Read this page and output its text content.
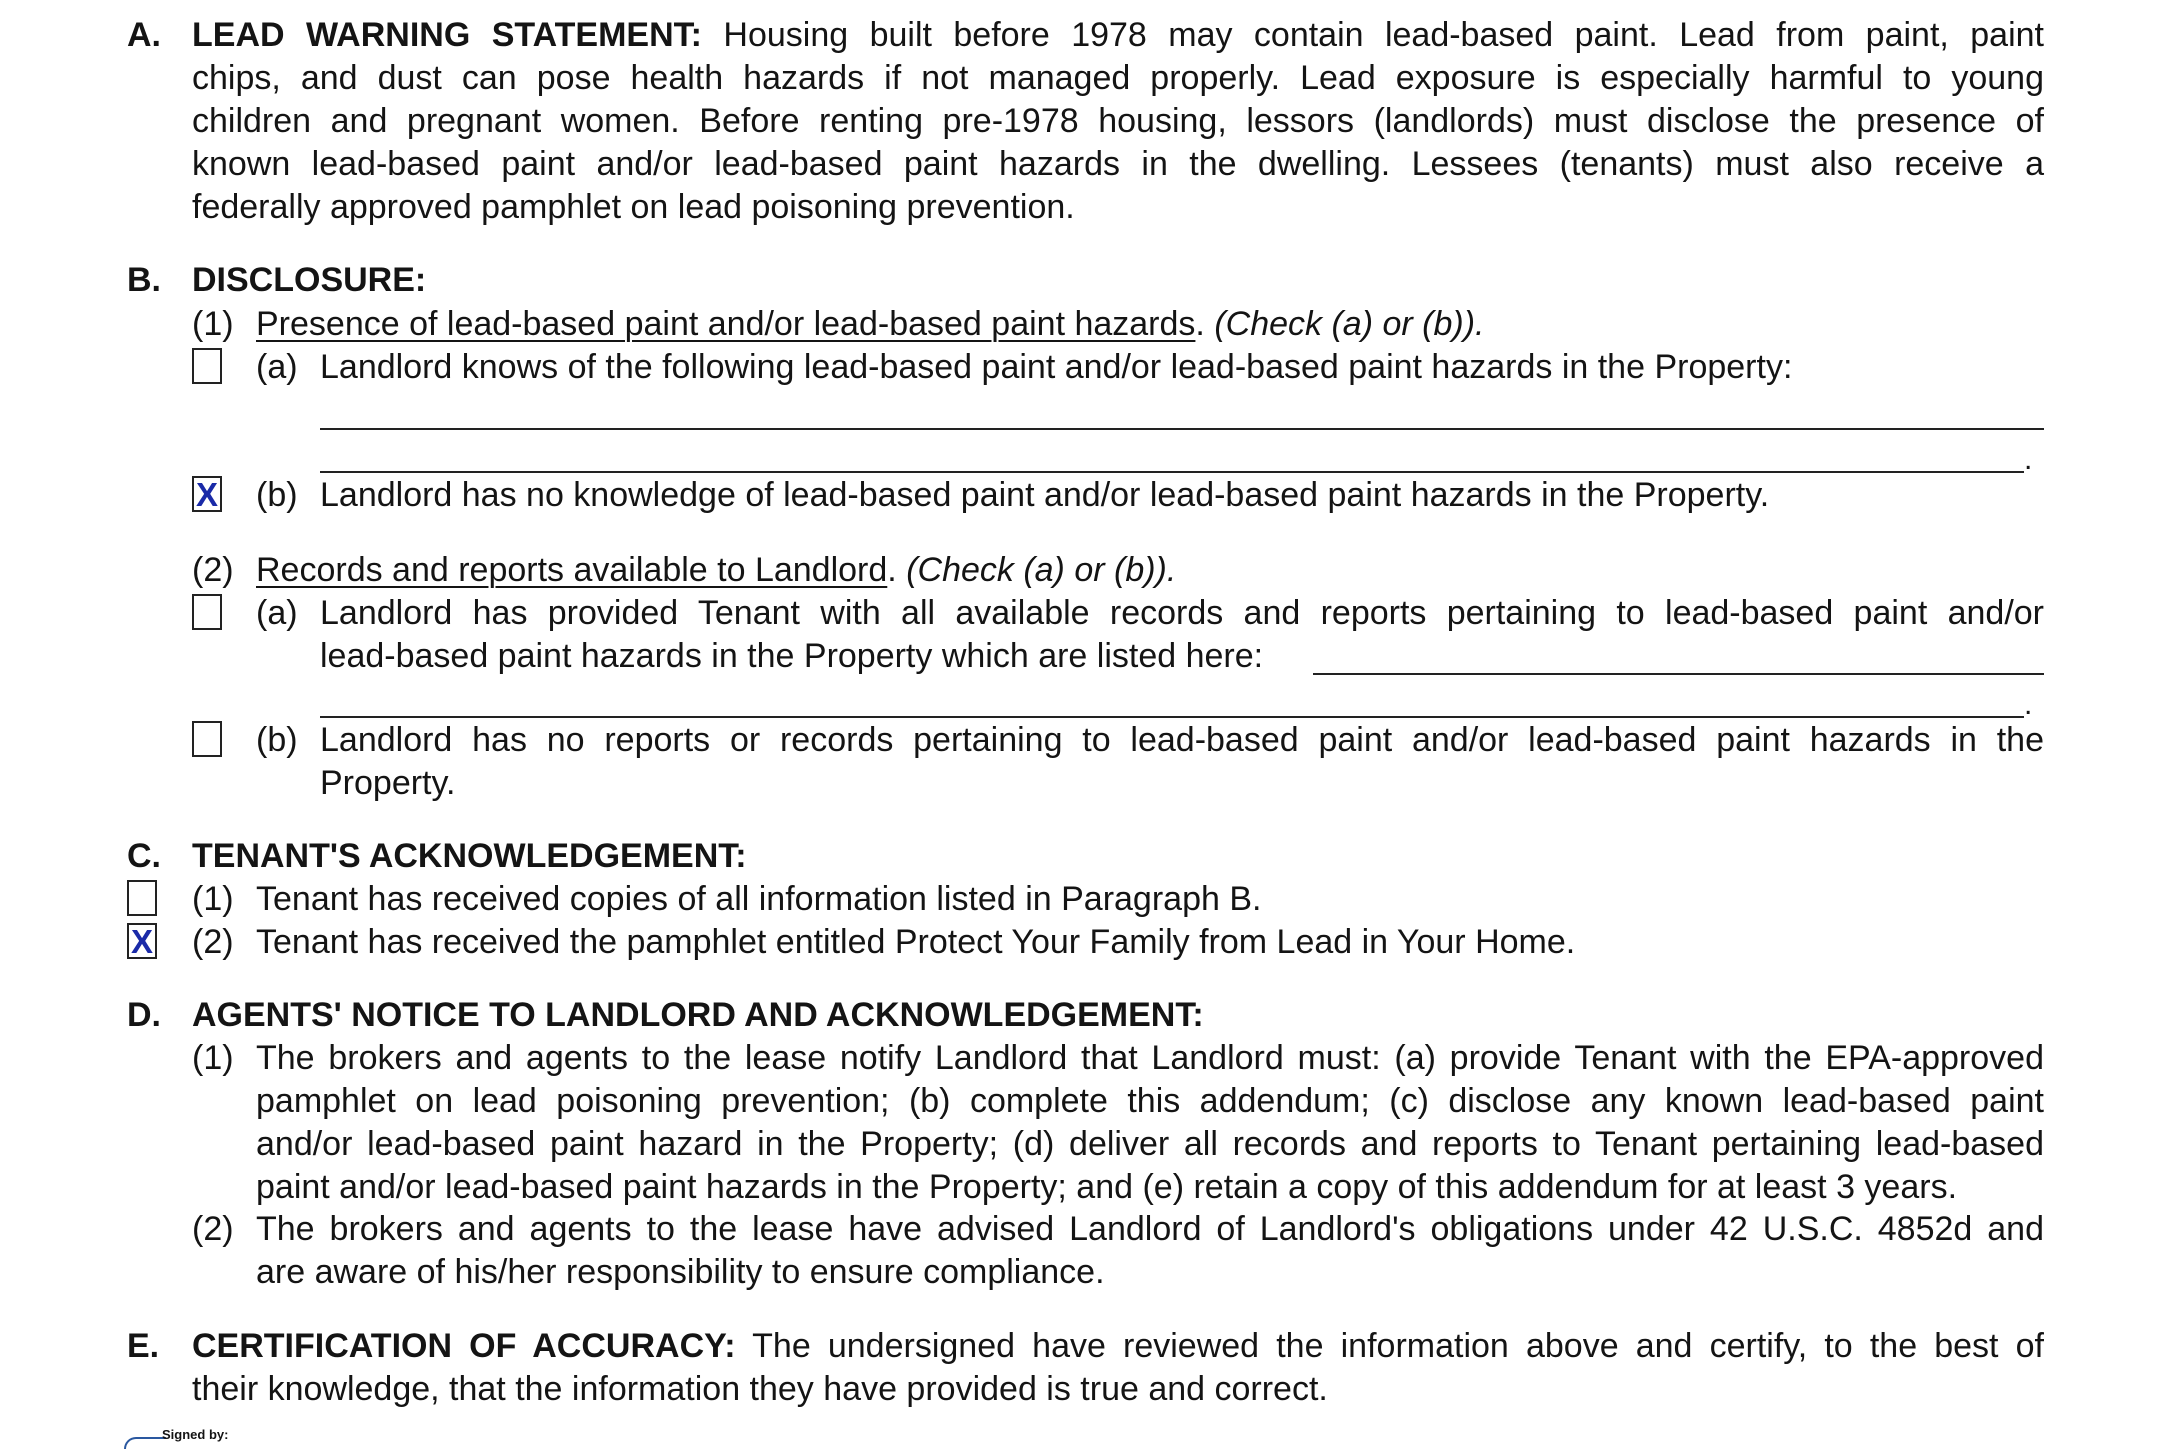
A. LEAD WARNING STATEMENT: Housing built before 1978 may contain lead-based paint. Lead from paint, paint
chips, and dust can pose health hazards if not managed properly. Lead exposure is especially harmful to young
children and pregnant women. Before renting pre-1978 housing, lessors (landlords) must disclose the presence of
known lead-based paint and/or lead-based paint hazards in the dwelling. Lessees (tenants) must also receive a
federally approved pamphlet on lead poisoning prevention.
B. DISCLOSURE:
(1) Presence of lead-based paint and/or lead-based paint hazards. (Check (a) or (b)).
(a) Landlord knows of the following lead-based paint and/or lead-based paint hazards in the Property:
.
X (b) Landlord has no knowledge of lead-based paint and/or lead-based paint hazards in the Property.
(2) Records and reports available to Landlord. (Check (a) or (b)).
(a) Landlord has provided Tenant with all available records and reports pertaining to lead-based paint and/or
lead-based paint hazards in the Property which are listed here:
.
(b) Landlord has no reports or records pertaining to lead-based paint and/or lead-based paint hazards in the
Property.
C. TENANT'S ACKNOWLEDGEMENT:
(1) Tenant has received copies of all information listed in Paragraph B.
X (2) Tenant has received the pamphlet entitled Protect Your Family from Lead in Your Home.
D. AGENTS' NOTICE TO LANDLORD AND ACKNOWLEDGEMENT:
(1) The brokers and agents to the lease notify Landlord that Landlord must: (a) provide Tenant with the EPA-approved
pamphlet on lead poisoning prevention; (b) complete this addendum; (c) disclose any known lead-based paint
and/or lead-based paint hazard in the Property; (d) deliver all records and reports to Tenant pertaining lead-based
paint and/or lead-based paint hazards in the Property; and (e) retain a copy of this addendum for at least 3 years.
(2) The brokers and agents to the lease have advised Landlord of Landlord's obligations under 42 U.S.C. 4852d and
are aware of his/her responsibility to ensure compliance.
E. CERTIFICATION OF ACCURACY: The undersigned have reviewed the information above and certify, to the best of
their knowledge, that the information they have provided is true and correct.
Signed by:
